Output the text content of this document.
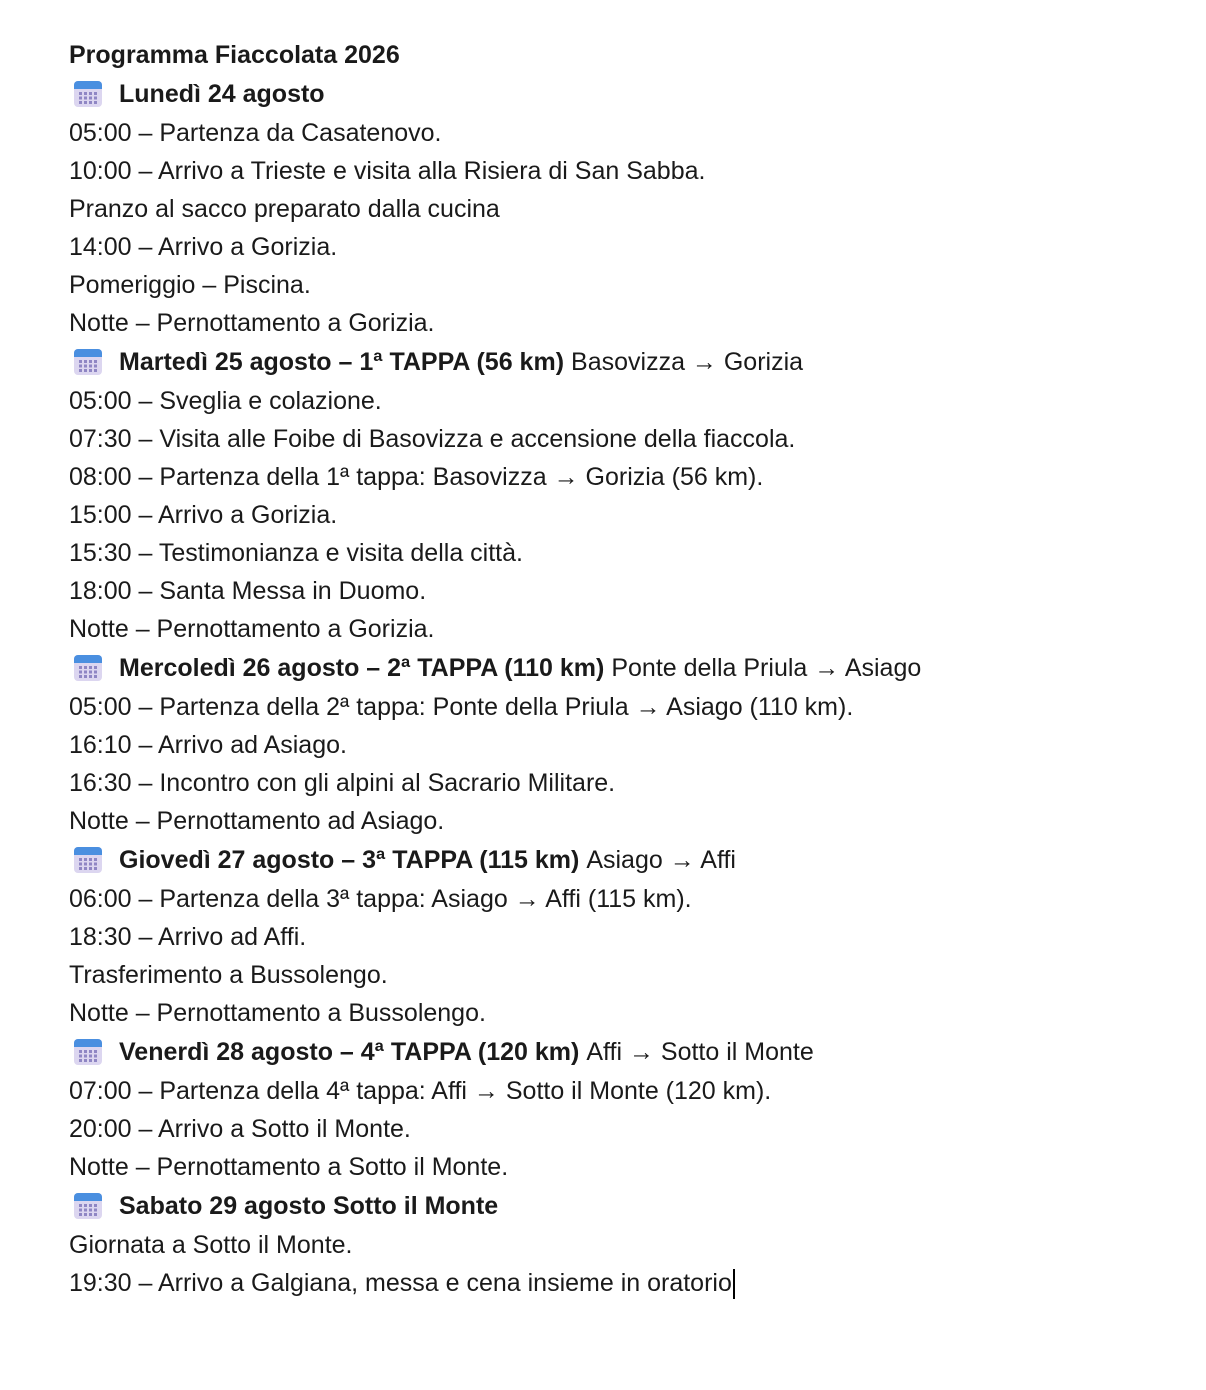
Programma Fiaccolata 2026
Lunedì 24 agosto
05:00 – Partenza da Casatenovo.
10:00 – Arrivo a Trieste e visita alla Risiera di San Sabba.
Pranzo al sacco preparato dalla cucina
14:00 – Arrivo a Gorizia.
Pomeriggio – Piscina.
Notte – Pernottamento a Gorizia.
Martedì 25 agosto – 1ª TAPPA (56 km) Basovizza → Gorizia
05:00 – Sveglia e colazione.
07:30 – Visita alle Foibe di Basovizza e accensione della fiaccola.
08:00 – Partenza della 1ª tappa: Basovizza → Gorizia (56 km).
15:00 – Arrivo a Gorizia.
15:30 – Testimonianza e visita della città.
18:00 – Santa Messa in Duomo.
Notte – Pernottamento a Gorizia.
Mercoledì 26 agosto – 2ª TAPPA (110 km) Ponte della Priula → Asiago
05:00 – Partenza della 2ª tappa: Ponte della Priula → Asiago (110 km).
16:10 – Arrivo ad Asiago.
16:30 – Incontro con gli alpini al Sacrario Militare.
Notte – Pernottamento ad Asiago.
Giovedì 27 agosto – 3ª TAPPA (115 km) Asiago → Affi
06:00 – Partenza della 3ª tappa: Asiago → Affi (115 km).
18:30 – Arrivo ad Affi.
Trasferimento a Bussolengo.
Notte – Pernottamento a Bussolengo.
Venerdì 28 agosto – 4ª TAPPA (120 km) Affi → Sotto il Monte
07:00 – Partenza della 4ª tappa: Affi → Sotto il Monte (120 km).
20:00 – Arrivo a Sotto il Monte.
Notte – Pernottamento a Sotto il Monte.
Sabato 29 agosto Sotto il Monte
Giornata a Sotto il Monte.
19:30 – Arrivo a Galgiana, messa e cena insieme in oratorio
